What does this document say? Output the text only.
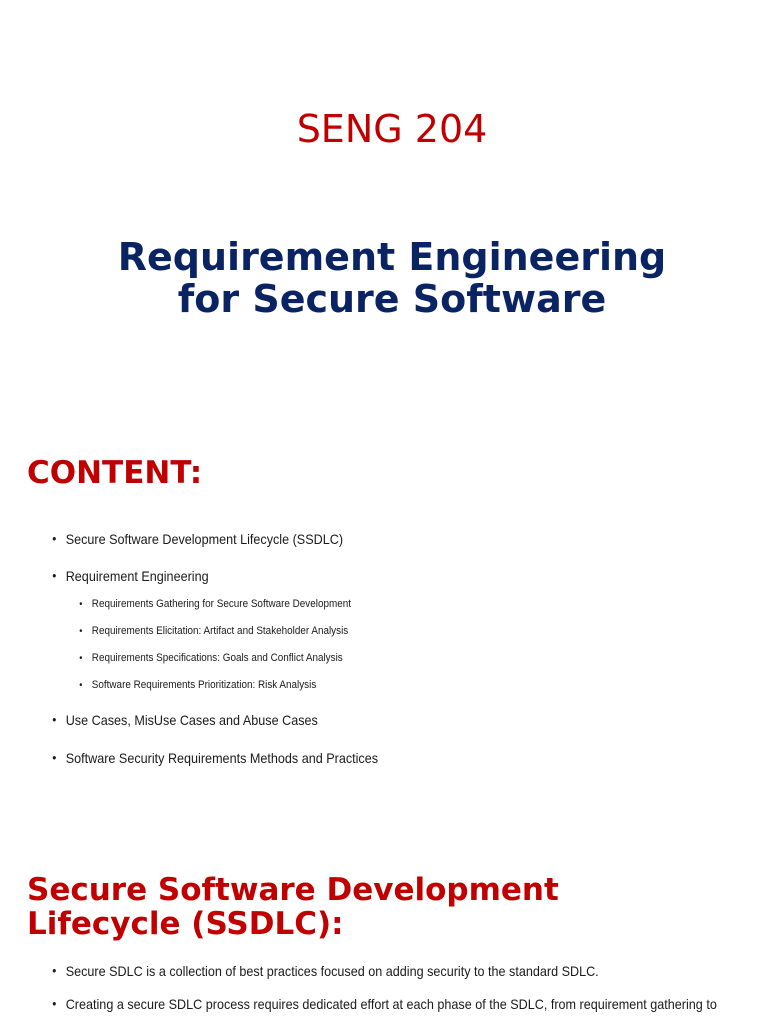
SENG 204
Requirement Engineering
for Secure Software
CONTENT:
• Secure Software Development Lifecycle (SSDLC)
• Requirement Engineering
• Requirements Gathering for Secure Software Development
• Requirements Elicitation: Artifact and Stakeholder Analysis
• Requirements Specifications: Goals and Conflict Analysis
• Software Requirements Prioritization: Risk Analysis
• Use Cases, MisUse Cases and Abuse Cases
• Software Security Requirements Methods and Practices
Secure Software Development
Lifecycle (SSDLC):
• Secure SDLC is a collection of best practices focused on adding security to the standard SDLC.
• Creating a secure SDLC process requires dedicated effort at each phase of the SDLC, from requirement gathering to
